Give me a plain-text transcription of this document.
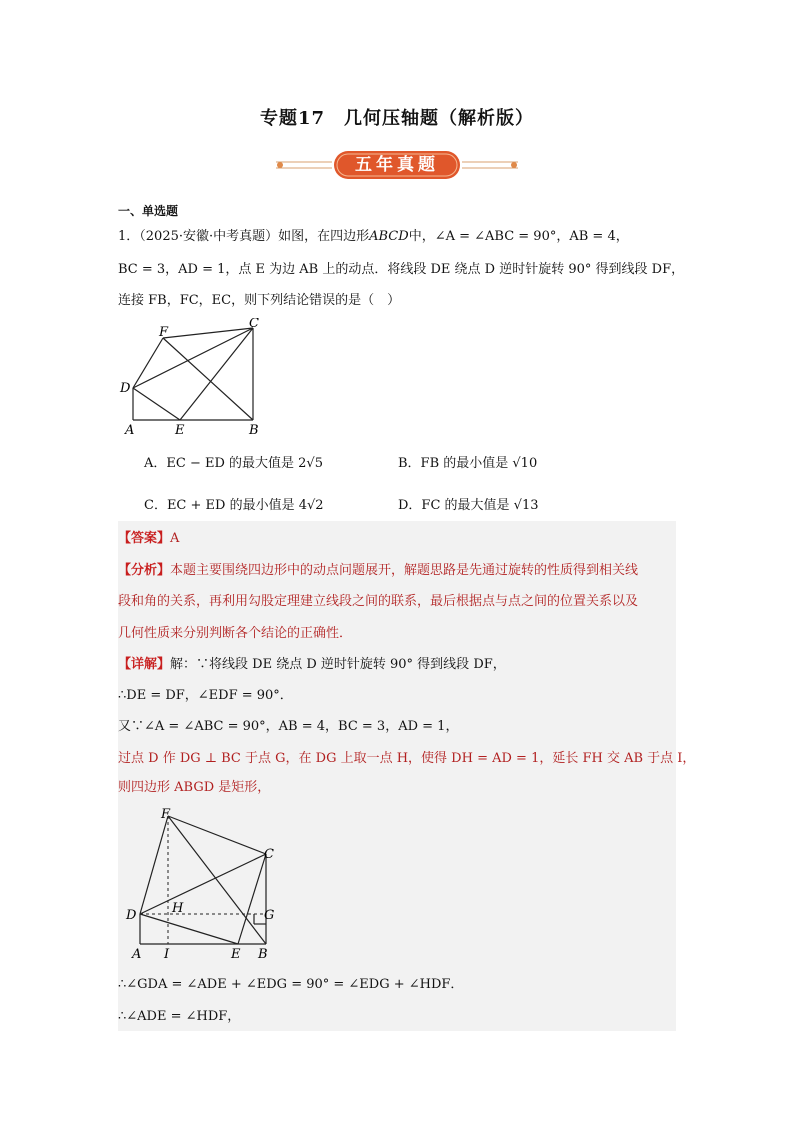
专题17　几何压轴题（解析版）
五年真题
一、单选题
1．（2025·安徽·中考真题）如图，在四边形ABCD中，∠A = ∠ABC = 90°，AB = 4，
BC = 3，AD = 1，点 E 为边 AB 上的动点．将线段 DE 绕点 D 逆时针旋转 90° 得到线段 DF，
连接 FB，FC，EC，则下列结论错误的是（　）
F
C
D
A	E	B
A．EC − ED 的最大值是 2√5	B．FB 的最小值是 √10
C．EC + ED 的最小值是 4√2	D．FC 的最大值是 √13
【答案】A
【分析】本题主要围绕四边形中的动点问题展开，解题思路是先通过旋转的性质得到相关线
段和角的关系，再利用勾股定理建立线段之间的联系，最后根据点与点之间的位置关系以及
几何性质来分别判断各个结论的正确性．
【详解】解：∵将线段 DE 绕点 D 逆时针旋转 90° 得到线段 DF，
∴DE = DF，∠EDF = 90°．
又∵∠A = ∠ABC = 90°，AB = 4，BC = 3，AD = 1，
过点 D 作 DG ⊥ BC 于点 G，在 DG 上取一点 H，使得 DH = AD = 1，延长 FH 交 AB 于点 I，
则四边形 ABGD 是矩形，
F
C
D	H	G
A I	E B
∴∠GDA = ∠ADE + ∠EDG = 90° = ∠EDG + ∠HDF．
∴∠ADE = ∠HDF，
